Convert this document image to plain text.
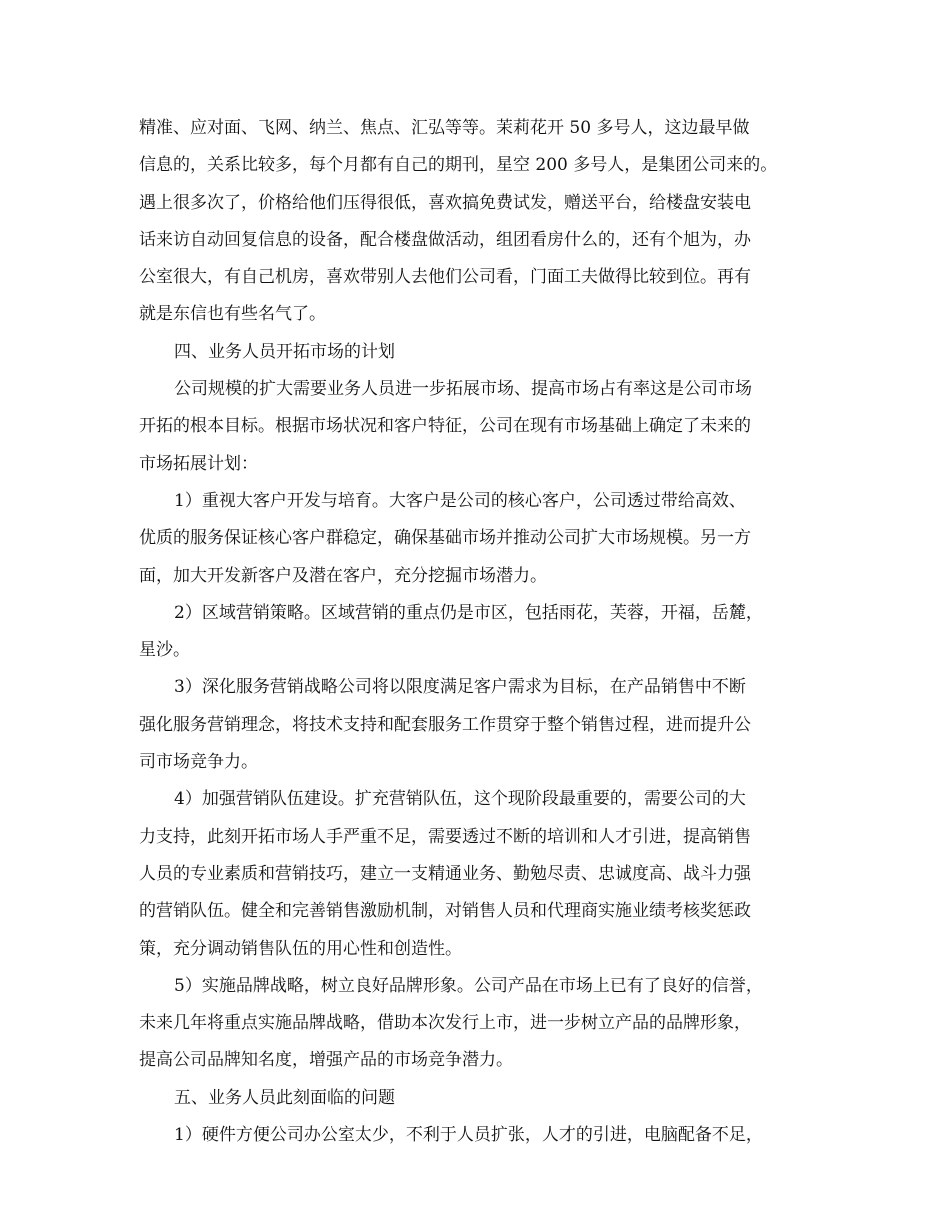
精准、应对面、飞网、纳兰、焦点、汇弘等等。茉莉花开 50 多号人，这边最早做
信息的，关系比较多，每个月都有自己的期刊，星空 200 多号人，是集团公司来的。
遇上很多次了，价格给他们压得很低，喜欢搞免费试发，赠送平台，给楼盘安装电
话来访自动回复信息的设备，配合楼盘做活动，组团看房什么的，还有个旭为，办
公室很大，有自己机房，喜欢带别人去他们公司看，门面工夫做得比较到位。再有
就是东信也有些名气了。
四、业务人员开拓市场的计划
公司规模的扩大需要业务人员进一步拓展市场、提高市场占有率这是公司市场
开拓的根本目标。根据市场状况和客户特征，公司在现有市场基础上确定了未来的
市场拓展计划：
1）重视大客户开发与培育。大客户是公司的核心客户，公司透过带给高效、
优质的服务保证核心客户群稳定，确保基础市场并推动公司扩大市场规模。另一方
面，加大开发新客户及潜在客户，充分挖掘市场潜力。
2）区域营销策略。区域营销的重点仍是市区，包括雨花，芙蓉，开福，岳麓，
星沙。
3）深化服务营销战略公司将以限度满足客户需求为目标，在产品销售中不断
强化服务营销理念，将技术支持和配套服务工作贯穿于整个销售过程，进而提升公
司市场竞争力。
4）加强营销队伍建设。扩充营销队伍，这个现阶段最重要的，需要公司的大
力支持，此刻开拓市场人手严重不足，需要透过不断的培训和人才引进，提高销售
人员的专业素质和营销技巧，建立一支精通业务、勤勉尽责、忠诚度高、战斗力强
的营销队伍。健全和完善销售激励机制，对销售人员和代理商实施业绩考核奖惩政
策，充分调动销售队伍的用心性和创造性。
5）实施品牌战略，树立良好品牌形象。公司产品在市场上已有了良好的信誉，
未来几年将重点实施品牌战略，借助本次发行上市，进一步树立产品的品牌形象，
提高公司品牌知名度，增强产品的市场竞争潜力。
五、业务人员此刻面临的问题
1）硬件方便公司办公室太少，不利于人员扩张，人才的引进，电脑配备不足，
